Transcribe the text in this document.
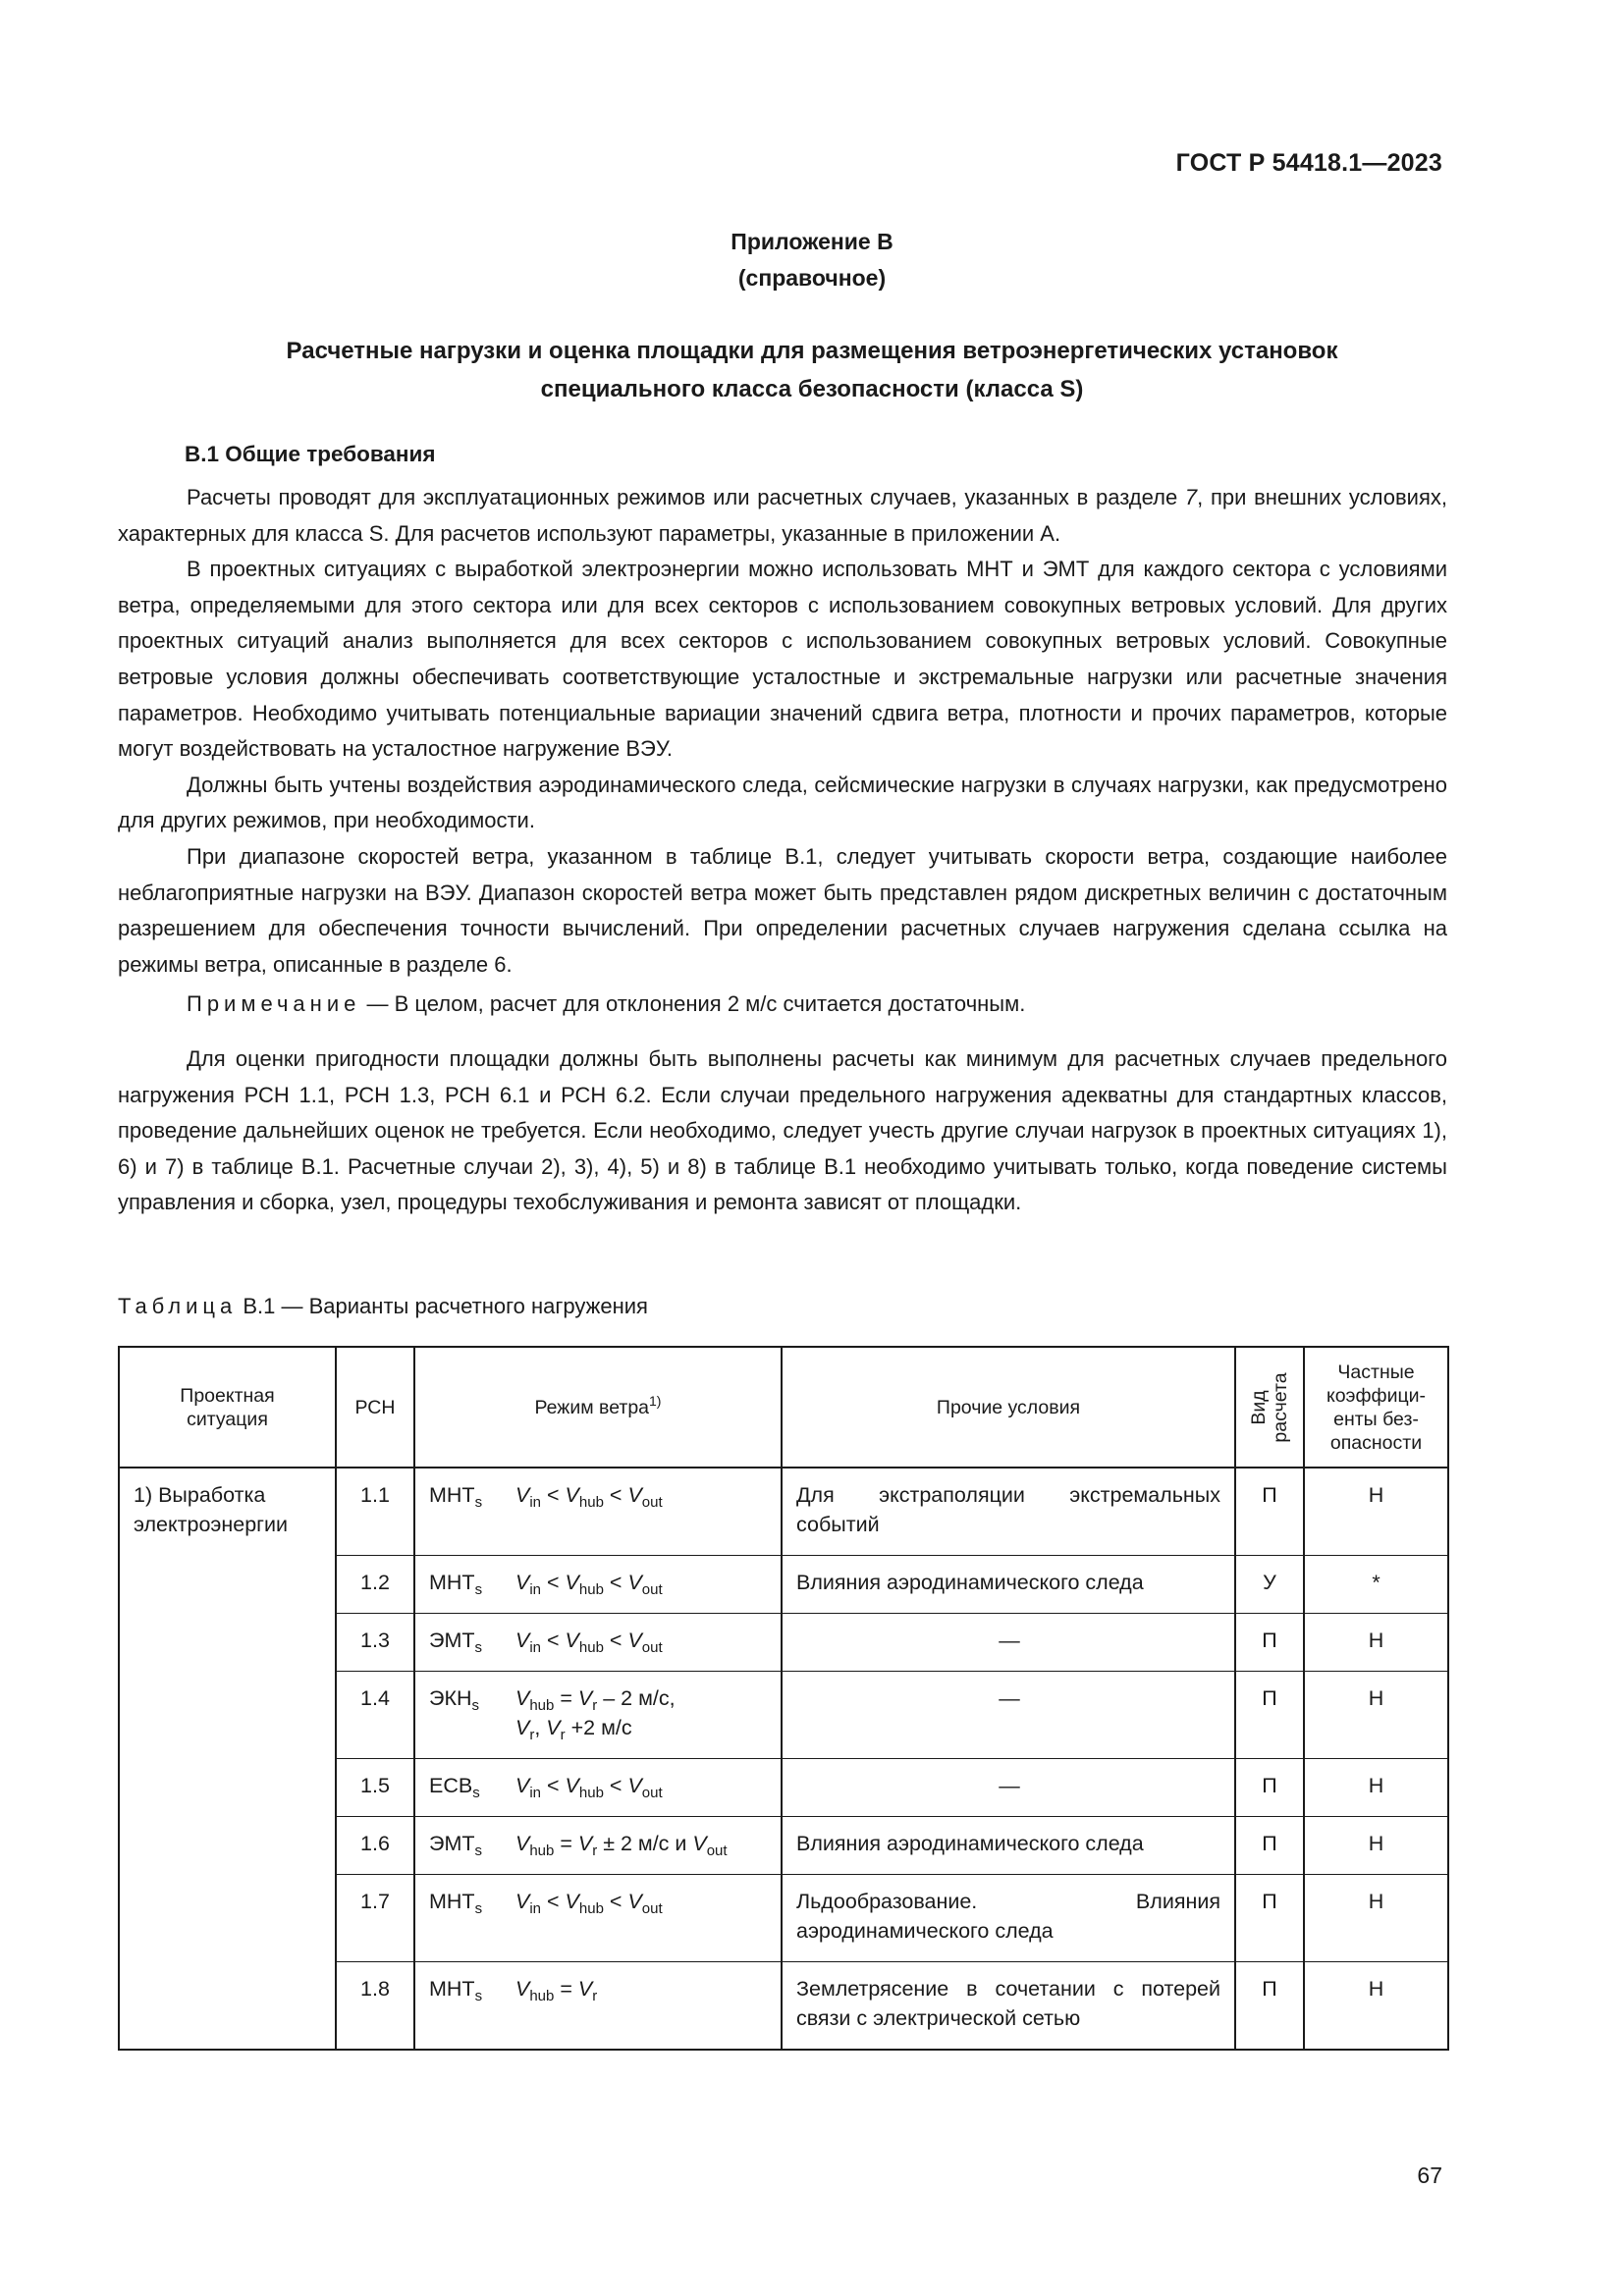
ГОСТ Р 54418.1—2023
Приложение В
(справочное)
Расчетные нагрузки и оценка площадки для размещения ветроэнергетических установок
специального класса безопасности (класса S)
В.1 Общие требования

Расчеты проводят для эксплуатационных режимов или расчетных случаев, указанных в разделе 7, при внешних условиях, характерных для класса S. Для расчетов используют параметры, указанные в приложении А.

В проектных ситуациях с выработкой электроэнергии можно использовать МНТ и ЭМТ для каждого сектора с условиями ветра, определяемыми для этого сектора или для всех секторов с использованием совокупных ветровых условий. Для других проектных ситуаций анализ выполняется для всех секторов с использованием совокупных ветровых условий. Совокупные ветровые условия должны обеспечивать соответствующие усталостные и экстремальные нагрузки или расчетные значения параметров. Необходимо учитывать потенциальные вариации значений сдвига ветра, плотности и прочих параметров, которые могут воздействовать на усталостное нагружение ВЭУ.

Должны быть учтены воздействия аэродинамического следа, сейсмические нагрузки в случаях нагрузки, как предусмотрено для других режимов, при необходимости.

При диапазоне скоростей ветра, указанном в таблице В.1, следует учитывать скорости ветра, создающие наиболее неблагоприятные нагрузки на ВЭУ. Диапазон скоростей ветра может быть представлен рядом дискретных величин с достаточным разрешением для обеспечения точности вычислений. При определении расчетных случаев нагружения сделана ссылка на режимы ветра, описанные в разделе 6.

Примечание — В целом, расчет для отклонения 2 м/с считается достаточным.

Для оценки пригодности площадки должны быть выполнены расчеты как минимум для расчетных случаев предельного нагружения РСН 1.1, РСН 1.3, РСН 6.1 и РСН 6.2. Если случаи предельного нагружения адекватны для стандартных классов, проведение дальнейших оценок не требуется. Если необходимо, следует учесть другие случаи нагрузок в проектных ситуациях 1), 6) и 7) в таблице В.1. Расчетные случаи 2), 3), 4), 5) и 8) в таблице В.1 необходимо учитывать только, когда поведение системы управления и сборка, узел, процедуры техобслуживания и ремонта зависят от площадки.

Таблица В.1 — Варианты расчетного нагружения
Проектная ситуация	РСН	Режим ветра$^{1)}$	Прочие условия	Вид расчета	Частные коэффици-енты без-опасности

1) Выработка электроэнергии	1.1	$МНТ_s$ $V_{in} < V_{hub} < V_{out}$	Для экстраполяции экстремальных событий	П	Н

	1.2	$МНТ_s$ $V_{in} < V_{hub} < V_{out}$	Влияния аэродинамического следа	У	*

	1.3	$ЭМТ_s$ $V_{in} < V_{hub} < V_{out}$	—	П	Н

	1.4	$ЭКН_s$ $V_{hub} = V_r - 2$ м/с,
$V_r$, $V_r +2$ м/с	—	П	Н

	1.5	$ECB_s$ $V_{in} < V_{hub} < V_{out}$	—	П	Н

	1.6	$ЭМТ_s$ $V_{hub} = V_r \pm 2$ м/с и $V_{out}$	Влияния аэродинамического следа	П	Н

	1.7	$МНТ_s$ $V_{in} < V_{hub} < V_{out}$	Льдообразование. Влияния аэродинамического следа	П	Н

	1.8	$МНТ_s$ $V_{hub} = V_r$	Землетрясение в сочетании с потерей связи с электрической сетью	П	Н
67
